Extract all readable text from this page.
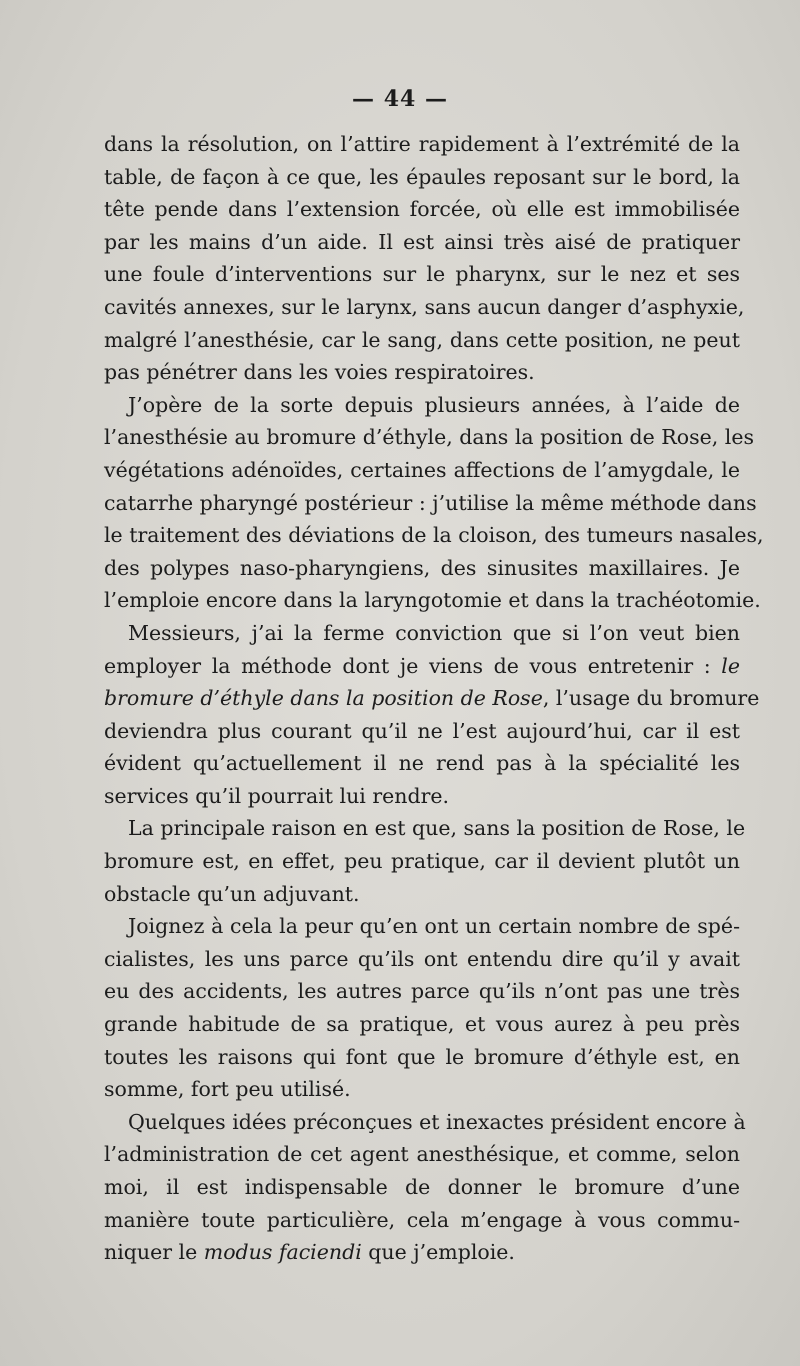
— 44 —
dans la résolution, on l’attire rapidement à l’extrémité de la
table, de façon à ce que, les épaules reposant sur le bord, la
tête pende dans l’extension forcée, où elle est immobilisée
par les mains d’un aide. Il est ainsi très aisé de pratiquer
une foule d’interventions sur le pharynx, sur le nez et ses
cavités annexes, sur le larynx, sans aucun danger d’asphyxie,
malgré l’anesthésie, car le sang, dans cette position, ne peut
pas pénétrer dans les voies respiratoires.
J’opère de la sorte depuis plusieurs années, à l’aide de
l’anesthésie au bromure d’éthyle, dans la position de Rose, les
végétations adénoïdes, certaines affections de l’amygdale, le
catarrhe pharyngé postérieur : j’utilise la même méthode dans
le traitement des déviations de la cloison, des tumeurs nasales,
des polypes naso-pharyngiens, des sinusites maxillaires. Je
l’emploie encore dans la laryngotomie et dans la trachéotomie.
Messieurs, j’ai la ferme conviction que si l’on veut bien
employer la méthode dont je viens de vous entretenir : le
bromure d’éthyle dans la position de Rose, l’usage du bromure
deviendra plus courant qu’il ne l’est aujourd’hui, car il est
évident qu’actuellement il ne rend pas à la spécialité les
services qu’il pourrait lui rendre.
La principale raison en est que, sans la position de Rose, le
bromure est, en effet, peu pratique, car il devient plutôt un
obstacle qu’un adjuvant.
Joignez à cela la peur qu’en ont un certain nombre de spé-
cialistes, les uns parce qu’ils ont entendu dire qu’il y avait
eu des accidents, les autres parce qu’ils n’ont pas une très
grande habitude de sa pratique, et vous aurez à peu près
toutes les raisons qui font que le bromure d’éthyle est, en
somme, fort peu utilisé.
Quelques idées préconçues et inexactes président encore à
l’administration de cet agent anesthésique, et comme, selon
moi, il est indispensable de donner le bromure d’une
manière toute particulière, cela m’engage à vous commu-
niquer le modus faciendi que j’emploie.
